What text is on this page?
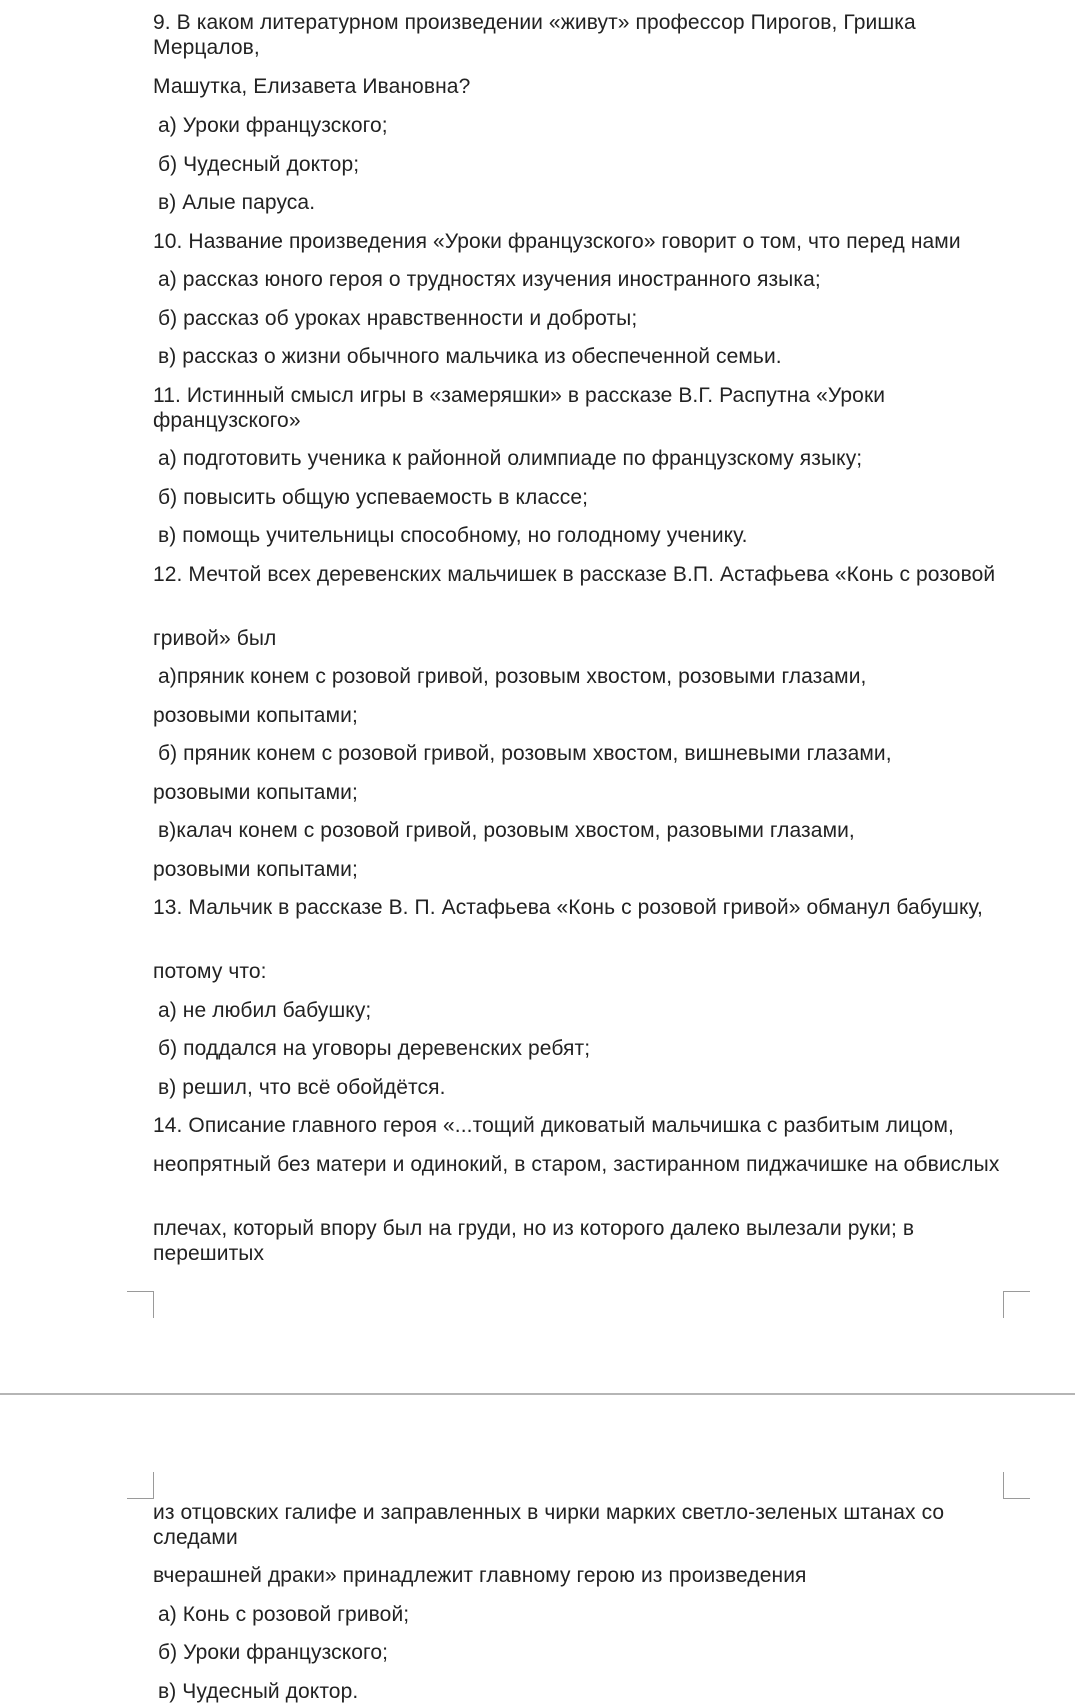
9. В каком литературном произведении «живут» профессор Пирогов, Гришка Мерцалов,
Машутка, Елизавета Ивановна?
а) Уроки французского;
б) Чудесный доктор;
в) Алые паруса.
10. Название произведения «Уроки французского» говорит о том, что перед нами
а) рассказ юного героя о трудностях изучения иностранного языка;
б) рассказ об уроках нравственности и доброты;
в) рассказ о жизни обычного мальчика из обеспеченной семьи.
11. Истинный смысл игры в «замеряшки» в рассказе В.Г. Распутна «Уроки французского»
а) подготовить ученика к районной олимпиаде по французскому языку;
б) повысить общую успеваемость в классе;
в) помощь учительницы способному, но голодному ученику.
12. Мечтой всех деревенских мальчишек в рассказе В.П. Астафьева «Конь с розовой
гривой» был
а)пряник конем с розовой гривой, розовым хвостом, розовыми глазами,
розовыми копытами;
б) пряник конем с розовой гривой, розовым хвостом, вишневыми глазами,
розовыми копытами;
в)калач конем с розовой гривой, розовым хвостом, разовыми глазами,
розовыми копытами;
13. Мальчик в рассказе В. П. Астафьева «Конь с розовой гривой» обманул бабушку,
потому что:
а) не любил бабушку;
б) поддался на уговоры деревенских ребят;
в) решил, что всё обойдётся.
14. Описание главного героя «...тощий диковатый мальчишка с разбитым лицом,
неопрятный без матери и одинокий, в старом, застиранном пиджачишке на обвислых
плечах, который впору был на груди, но из которого далеко вылезали руки; в перешитых
из отцовских галифе и заправленных в чирки марких светло-зеленых штанах со следами
вчерашней драки» принадлежит главному герою из произведения
а) Конь с розовой гривой;
б) Уроки французского;
в) Чудесный доктор.
